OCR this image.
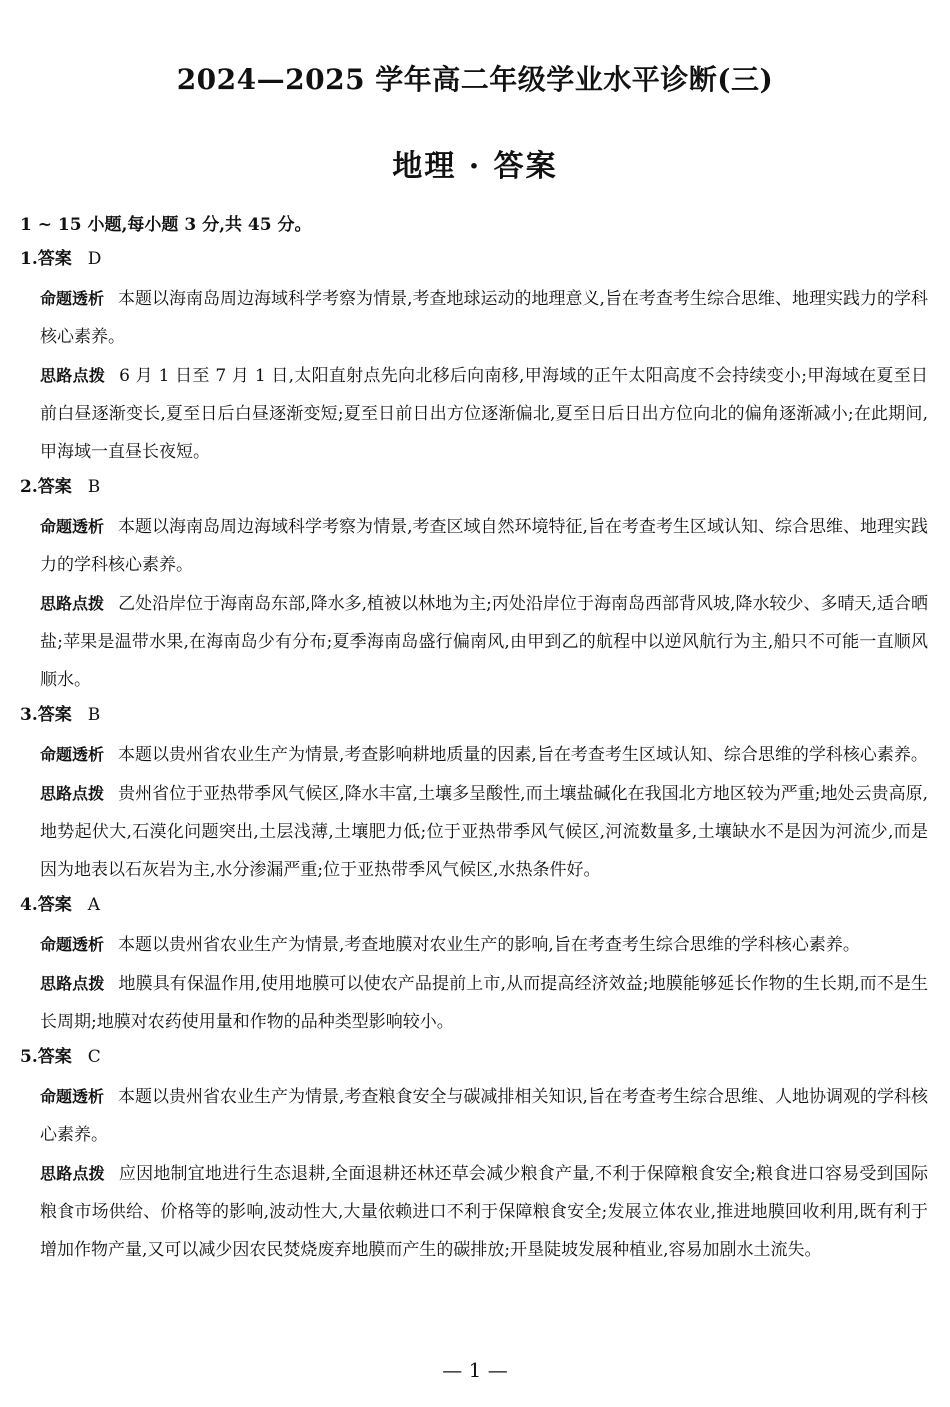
2024—2025 学年高二年级学业水平诊断(三)
地理 · 答案
1 ~ 15 小题,每小题 3 分,共 45 分。
1.答案 D
命题透析 本题以海南岛周边海域科学考察为情景,考查地球运动的地理意义,旨在考查考生综合思维、地理实践力的学科核心素养。
思路点拨 6 月 1 日至 7 月 1 日,太阳直射点先向北移后向南移,甲海域的正午太阳高度不会持续变小;甲海域在夏至日前白昼逐渐变长,夏至日后白昼逐渐变短;夏至日前日出方位逐渐偏北,夏至日后日出方位向北的偏角逐渐减小;在此期间,甲海域一直昼长夜短。
2.答案 B
命题透析 本题以海南岛周边海域科学考察为情景,考查区域自然环境特征,旨在考查考生区域认知、综合思维、地理实践力的学科核心素养。
思路点拨 乙处沿岸位于海南岛东部,降水多,植被以林地为主;丙处沿岸位于海南岛西部背风坡,降水较少、多晴天,适合晒盐;苹果是温带水果,在海南岛少有分布;夏季海南岛盛行偏南风,由甲到乙的航程中以逆风航行为主,船只不可能一直顺风顺水。
3.答案 B
命题透析 本题以贵州省农业生产为情景,考查影响耕地质量的因素,旨在考查考生区域认知、综合思维的学科核心素养。
思路点拨 贵州省位于亚热带季风气候区,降水丰富,土壤多呈酸性,而土壤盐碱化在我国北方地区较为严重;地处云贵高原,地势起伏大,石漠化问题突出,土层浅薄,土壤肥力低;位于亚热带季风气候区,河流数量多,土壤缺水不是因为河流少,而是因为地表以石灰岩为主,水分渗漏严重;位于亚热带季风气候区,水热条件好。
4.答案 A
命题透析 本题以贵州省农业生产为情景,考查地膜对农业生产的影响,旨在考查考生综合思维的学科核心素养。
思路点拨 地膜具有保温作用,使用地膜可以使农产品提前上市,从而提高经济效益;地膜能够延长作物的生长期,而不是生长周期;地膜对农药使用量和作物的品种类型影响较小。
5.答案 C
命题透析 本题以贵州省农业生产为情景,考查粮食安全与碳减排相关知识,旨在考查考生综合思维、人地协调观的学科核心素养。
思路点拨 应因地制宜地进行生态退耕,全面退耕还林还草会减少粮食产量,不利于保障粮食安全;粮食进口容易受到国际粮食市场供给、价格等的影响,波动性大,大量依赖进口不利于保障粮食安全;发展立体农业,推进地膜回收利用,既有利于增加作物产量,又可以减少因农民焚烧废弃地膜而产生的碳排放;开垦陡坡发展种植业,容易加剧水土流失。
— 1 —
